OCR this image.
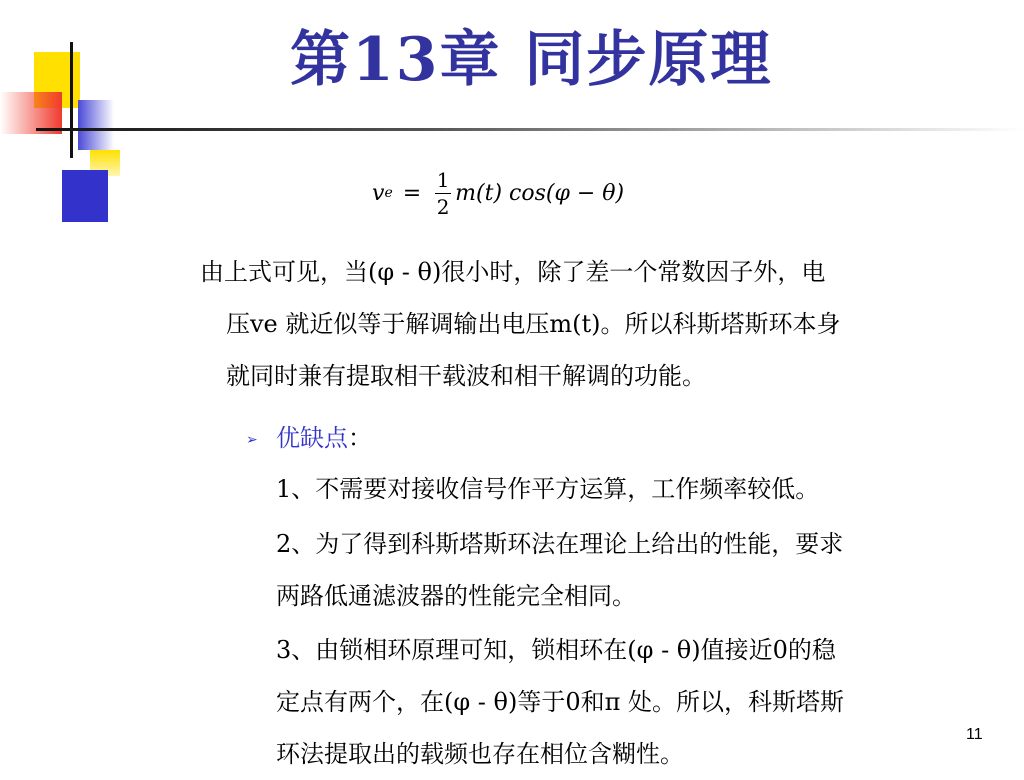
第13章 同步原理
v $e = \frac{1}{2} m(t) \cos(\varphi - \theta)$
由上式可见，当(φ - θ)很小时，除了差一个常数因子外，电
压ve 就近似等于解调输出电压m(t)。所以科斯塔斯环本身
就同时兼有提取相干载波和相干解调的功能。
➢ 优缺点：
1、不需要对接收信号作平方运算，工作频率较低。
2、为了得到科斯塔斯环法在理论上给出的性能，要求
两路低通滤波器的性能完全相同。
3、由锁相环原理可知，锁相环在(φ - θ)值接近0的稳
定点有两个，在(φ - θ)等于0和π 处。所以，科斯塔斯
环法提取出的载频也存在相位含糊性。
11
